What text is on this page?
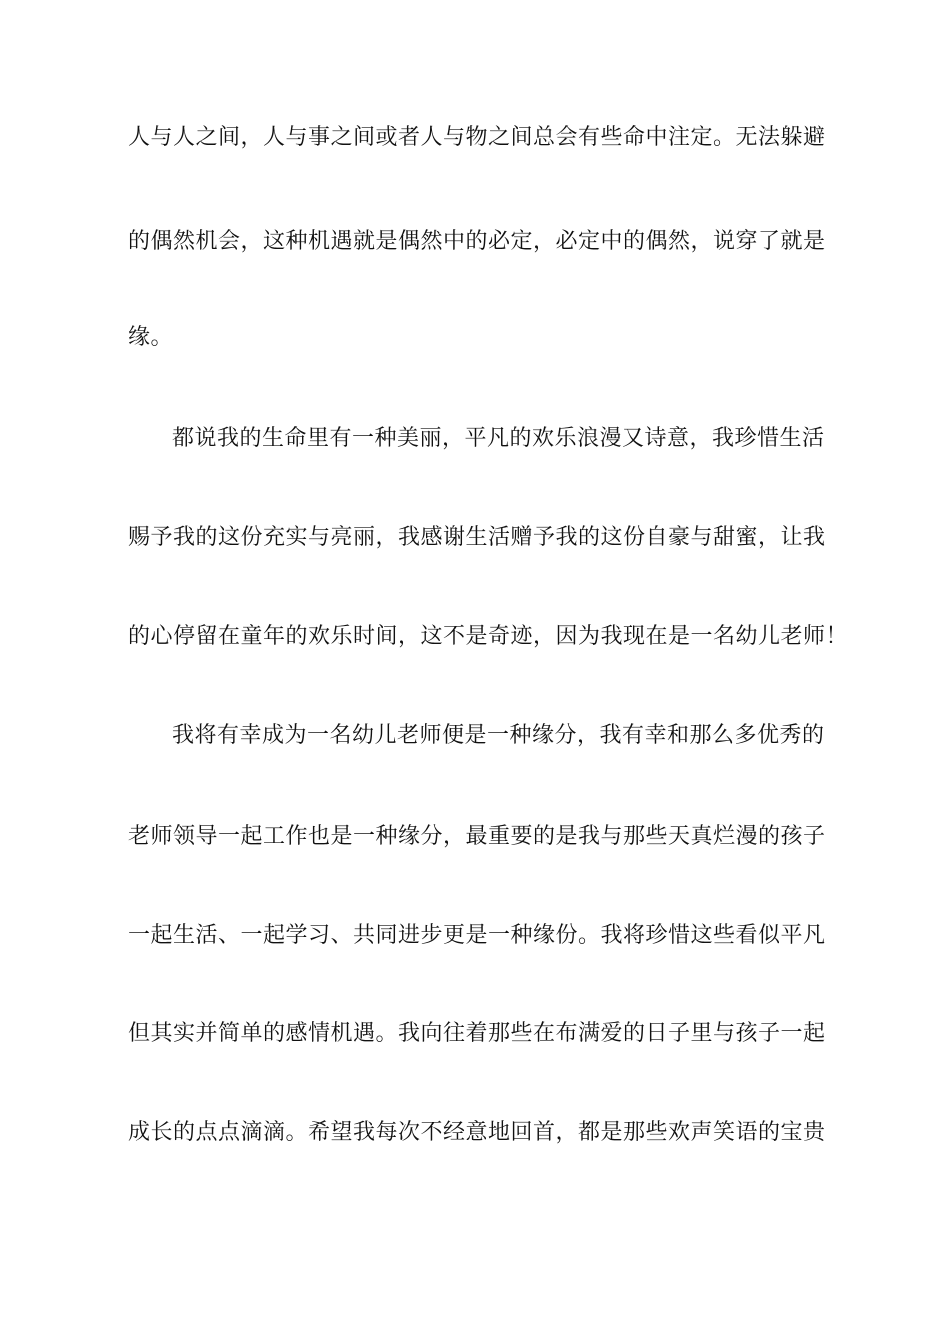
人与人之间，人与事之间或者人与物之间总会有些命中注定。无法躲避

的偶然机会，这种机遇就是偶然中的必定，必定中的偶然，说穿了就是

缘。

都说我的生命里有一种美丽，平凡的欢乐浪漫又诗意，我珍惜生活

赐予我的这份充实与亮丽，我感谢生活赠予我的这份自豪与甜蜜，让我

的心停留在童年的欢乐时间，这不是奇迹，因为我现在是一名幼儿老师！

我将有幸成为一名幼儿老师便是一种缘分，我有幸和那么多优秀的

老师领导一起工作也是一种缘分，最重要的是我与那些天真烂漫的孩子

一起生活、一起学习、共同进步更是一种缘份。我将珍惜这些看似平凡

但其实并简单的感情机遇。我向往着那些在布满爱的日子里与孩子一起

成长的点点滴滴。希望我每次不经意地回首，都是那些欢声笑语的宝贵
